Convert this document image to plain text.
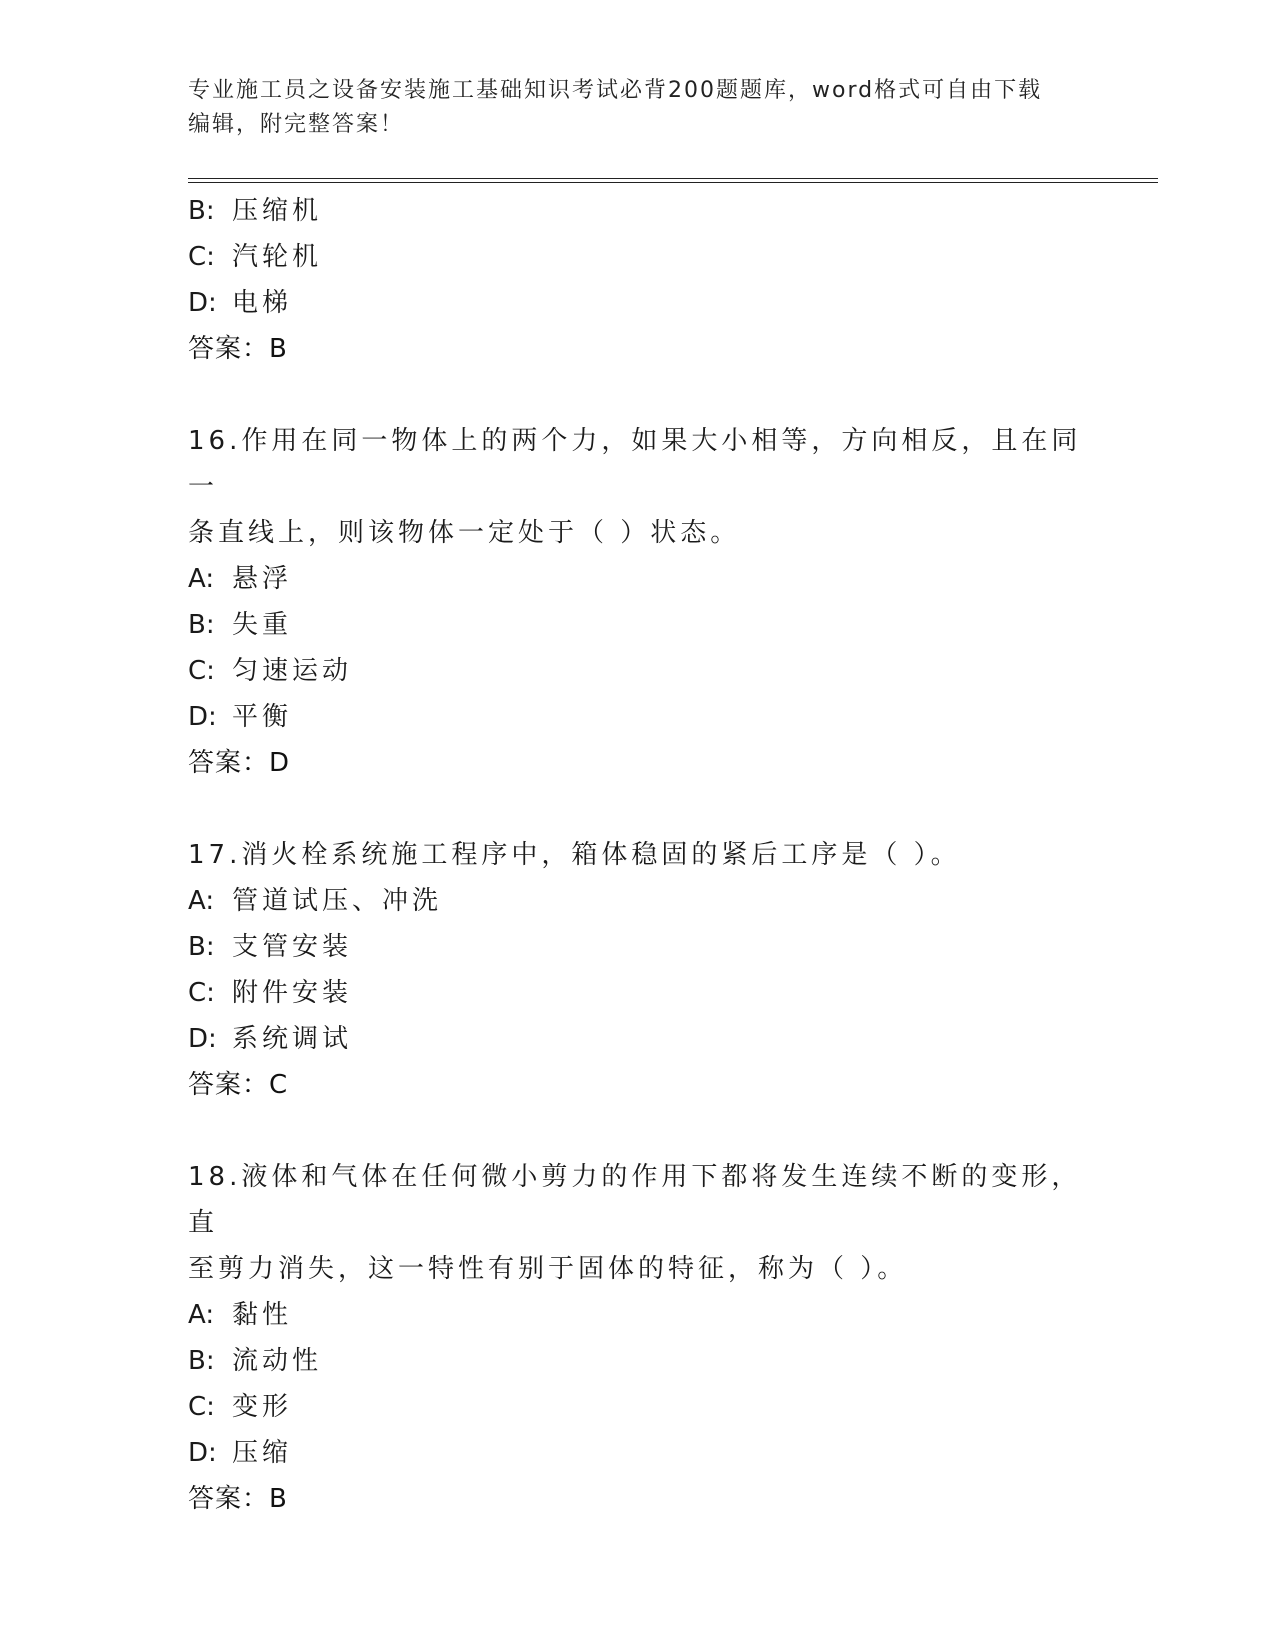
专业施工员之设备安装施工基础知识考试必背200题题库，word格式可自由下载
编辑，附完整答案！
B: 压缩机
C: 汽轮机
D: 电梯
答案：B
16.作用在同一物体上的两个力，如果大小相等，方向相反，且在同一
条直线上，则该物体一定处于（ ）状态。
A: 悬浮
B: 失重
C: 匀速运动
D: 平衡
答案：D
17.消火栓系统施工程序中，箱体稳固的紧后工序是（ ）。
A: 管道试压、冲洗
B: 支管安装
C: 附件安装
D: 系统调试
答案：C
18.液体和气体在任何微小剪力的作用下都将发生连续不断的变形，直
至剪力消失，这一特性有别于固体的特征，称为（ ）。
A: 黏性
B: 流动性
C: 变形
D: 压缩
答案：B
